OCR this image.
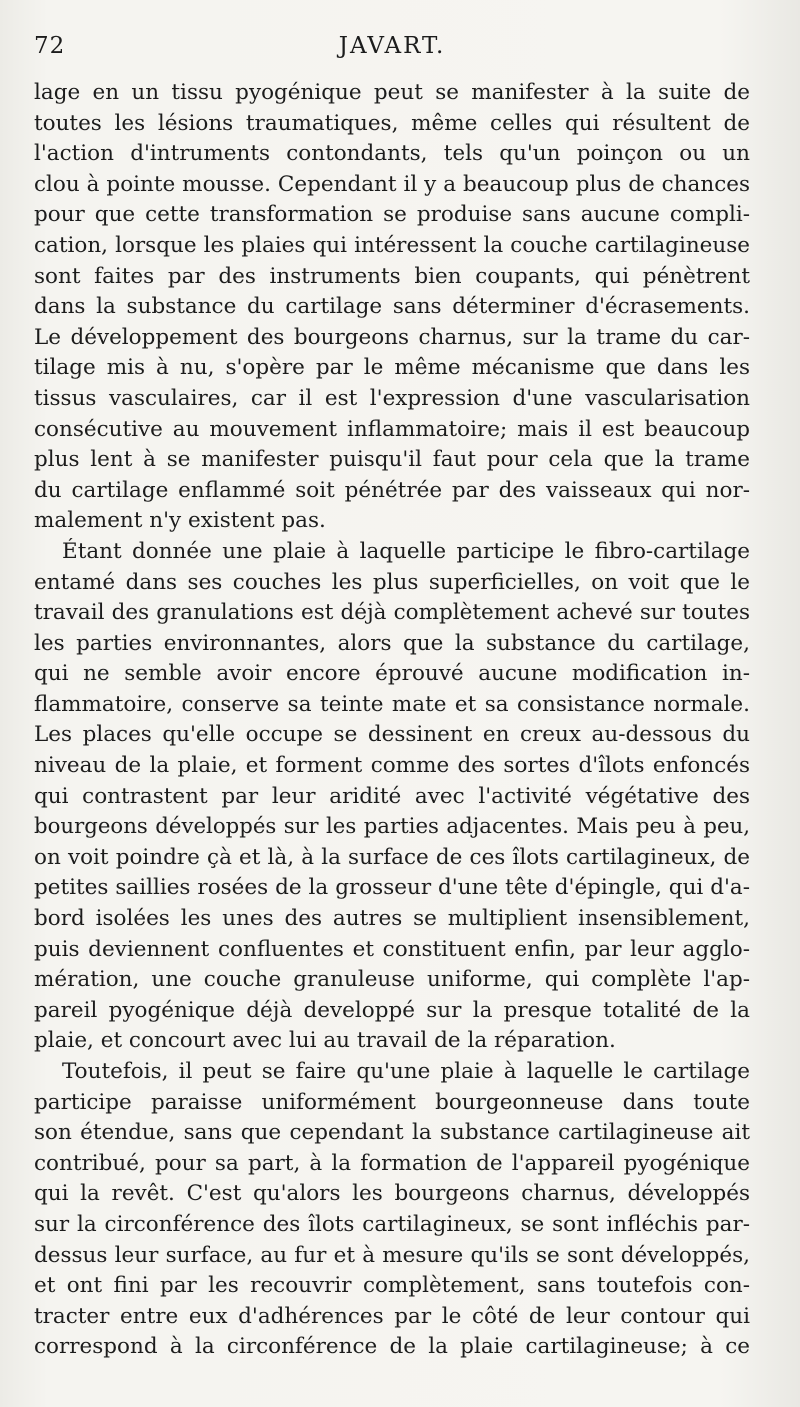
72	JAVART.
lage en un tissu pyogénique peut se manifester à la suite de
toutes les lésions traumatiques, même celles qui résultent de
l'action d'intruments contondants, tels qu'un poinçon ou un
clou à pointe mousse. Cependant il y a beaucoup plus de chances
pour que cette transformation se produise sans aucune compli-
cation, lorsque les plaies qui intéressent la couche cartilagineuse
sont faites par des instruments bien coupants, qui pénètrent
dans la substance du cartilage sans déterminer d'écrasements.
Le développement des bourgeons charnus, sur la trame du car-
tilage mis à nu, s'opère par le même mécanisme que dans les
tissus vasculaires, car il est l'expression d'une vascularisation
consécutive au mouvement inflammatoire; mais il est beaucoup
plus lent à se manifester puisqu'il faut pour cela que la trame
du cartilage enflammé soit pénétrée par des vaisseaux qui nor-
malement n'y existent pas.
Étant donnée une plaie à laquelle participe le fibro-cartilage
entamé dans ses couches les plus superficielles, on voit que le
travail des granulations est déjà complètement achevé sur toutes
les parties environnantes, alors que la substance du cartilage,
qui ne semble avoir encore éprouvé aucune modification in-
flammatoire, conserve sa teinte mate et sa consistance normale.
Les places qu'elle occupe se dessinent en creux au-dessous du
niveau de la plaie, et forment comme des sortes d'îlots enfoncés
qui contrastent par leur aridité avec l'activité végétative des
bourgeons développés sur les parties adjacentes. Mais peu à peu,
on voit poindre çà et là, à la surface de ces îlots cartilagineux, de
petites saillies rosées de la grosseur d'une tête d'épingle, qui d'a-
bord isolées les unes des autres se multiplient insensiblement,
puis deviennent confluentes et constituent enfin, par leur agglo-
mération, une couche granuleuse uniforme, qui complète l'ap-
pareil pyogénique déjà developpé sur la presque totalité de la
plaie, et concourt avec lui au travail de la réparation.
Toutefois, il peut se faire qu'une plaie à laquelle le cartilage
participe paraisse uniformément bourgeonneuse dans toute
son étendue, sans que cependant la substance cartilagineuse ait
contribué, pour sa part, à la formation de l'appareil pyogénique
qui la revêt. C'est qu'alors les bourgeons charnus, développés
sur la circonférence des îlots cartilagineux, se sont infléchis par-
dessus leur surface, au fur et à mesure qu'ils se sont développés,
et ont fini par les recouvrir complètement, sans toutefois con-
tracter entre eux d'adhérences par le côté de leur contour qui
correspond à la circonférence de la plaie cartilagineuse; à ce
